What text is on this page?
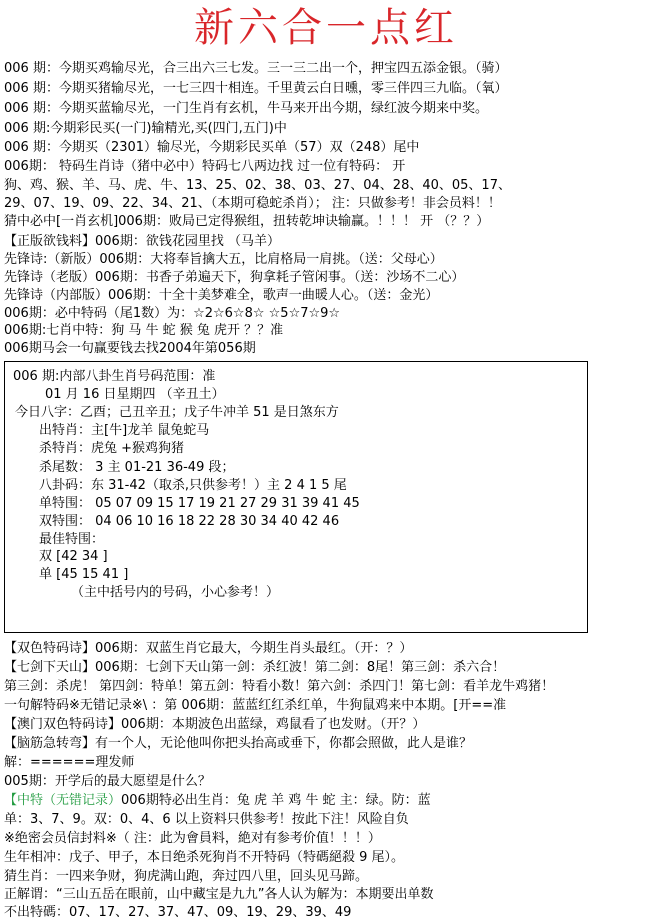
新六合一点红
006 期：今期买鸡输尽光，合三出六三七发。三一三二出一个，押宝四五添金银。（骑）
006 期：今期买猪输尽光，一七三四十相连。千里黄云白日曛，零三伴四三九临。（氧）
006 期：今期买蓝输尽光，一门生肖有玄机，牛马来开出今期，绿红波今期来中奖。
006 期:今期彩民买(一门)输精光,买(四门,五门)中
006 期：今期买（2301）输尽光，今期彩民买单（57）双（248）尾中
006期： 特码生肖诗（猪中必中）特码七八两边找 过一位有特码： 开
狗、鸡、猴、羊、马、虎、牛、13、25、02、38、03、27、04、28、40、05、17、
29、07、19、09、22、34、21、（本期可稳蛇杀肖）； 注：只做参考！非会员料！！
猜中必中[一肖玄机]006期：败局已定得猴组，扭转乾坤诀输赢。！！！ 开 （？？）
【正版欲钱料】006期：欲钱花园里找 （马羊）
先锋诗:（新版）006期：大将奉旨擒大五，比肩格局一肩挑。（送：父母心）
先锋诗（老版）006期：书香子弟遍天下，狗拿耗子管闲事。（送：沙场不二心）
先锋诗（内部版）006期：十全十美梦难全，歌声一曲暖人心。（送：金光）
006期：必中特码（尾1数）为：☆2☆6☆8☆ ☆5☆7☆9☆
006期:七肖中特：狗 马 牛 蛇 猴 兔 虎开 ？？准
006期马会一句赢要钱去找2004年第056期
006 期:内部八卦生肖号码范围：准
01 月 16 日星期四 （辛丑土）
今日八字：乙酉；己丑辛丑；戊子牛冲羊 51 是日煞东方
出特肖：主[牛]龙羊 鼠兔蛇马
杀特肖：虎兔 +猴鸡狗猪
杀尾数： 3 主 01-21 36-49 段；
八卦码：东 31-42（取杀,只供参考！）主 2 4 1 5 尾
单特围： 05 07 09 15 17 19 21 27 29 31 39 41 45
双特围： 04 06 10 16 18 22 28 30 34 40 42 46
最佳特围：
双 [42 34 ]
单 [45 15 41 ]
（主中括号内的号码，小心参考！）
【双色特码诗】006期：双蓝生肖它最大，今期生肖头最红。（开：？）
【七剑下天山】006期：七剑下天山第一剑：杀红波！第二剑：8尾！第三剑：杀六合！
第三剑：杀虎！ 第四剑：特单！第五剑：特看小数！第六剑：杀四门！第七剑：看羊龙牛鸡猪！
一句解特码※无错记录※\ ：第 006期：蓝蓝红红杀红单，牛狗鼠鸡来中本期。[开==准
【澳门双色特码诗】006期：本期波色出蓝绿，鸡鼠看了也发财。（开？）
【脑筋急转弯】有一个人，无论他叫你把头抬高或垂下，你都会照做，此人是谁？
解：======理发师
005期：开学后的最大愿望是什么？
【中特（无错记录）006期特必出生肖：兔 虎 羊 鸡 牛 蛇 主：绿。防：蓝
单：3、7、9。双：0、4、6 以上资料只供参考！按此下注！风险自负
※绝密会员信封料※（ 注：此为會員料，絶对有参考价值！！！）
生年相冲：戊子、甲子，本日绝杀死狗肖不开特码（特碼絕殺 9 尾）。
猜生肖：一四来争财，狗虎满山跑，奔过四八里，回头见马蹄。
正解谓：“三山五岳在眼前，山中藏宝是九九”各人认为解为：本期要出单数
不出特碼：07、17、27、37、47、09、19、29、39、49
